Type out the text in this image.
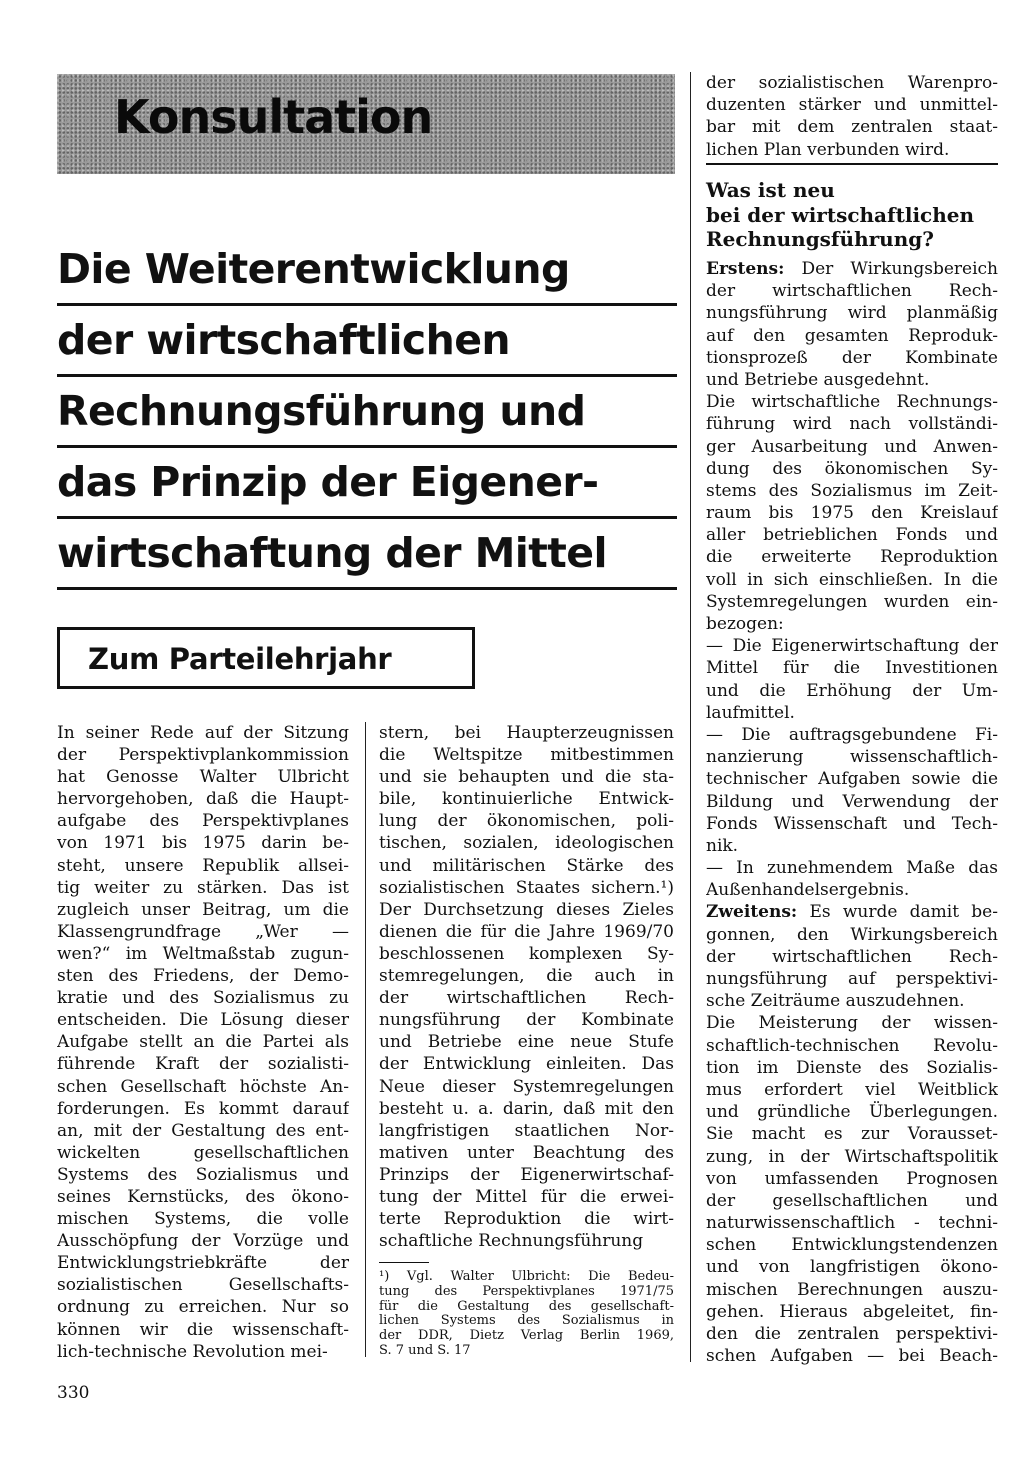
Konsultation
Die Weiterentwicklung
der wirtschaftlichen
Rechnungsführung und
das Prinzip der Eigener-
wirtschaftung der Mittel
Zum Parteilehrjahr
In seiner Rede auf der Sitzung
der Perspektivplankommission
hat Genosse Walter Ulbricht
hervorgehoben, daß die Haupt-
aufgabe des Perspektivplanes
von 1971 bis 1975 darin be-
steht, unsere Republik allsei-
tig weiter zu stärken. Das ist
zugleich unser Beitrag, um die
Klassengrundfrage „Wer —
wen?“ im Weltmaßstab zugun-
sten des Friedens, der Demo-
kratie und des Sozialismus zu
entscheiden. Die Lösung dieser
Aufgabe stellt an die Partei als
führende Kraft der sozialisti-
schen Gesellschaft höchste An-
forderungen. Es kommt darauf
an, mit der Gestaltung des ent-
wickelten gesellschaftlichen
Systems des Sozialismus und
seines Kernstücks, des ökono-
mischen Systems, die volle
Ausschöpfung der Vorzüge und
Entwicklungstriebkräfte der
sozialistischen Gesellschafts-
ordnung zu erreichen. Nur so
können wir die wissenschaft-
lich-technische Revolution mei-
stern, bei Haupterzeugnissen
die Weltspitze mitbestimmen
und sie behaupten und die sta-
bile, kontinuierliche Entwick-
lung der ökonomischen, poli-
tischen, sozialen, ideologischen
und militärischen Stärke des
sozialistischen Staates sichern.¹)
Der Durchsetzung dieses Zieles
dienen die für die Jahre 1969/70
beschlossenen komplexen Sy-
stemregelungen, die auch in
der wirtschaftlichen Rech-
nungsführung der Kombinate
und Betriebe eine neue Stufe
der Entwicklung einleiten. Das
Neue dieser Systemregelungen
besteht u. a. darin, daß mit den
langfristigen staatlichen Nor-
mativen unter Beachtung des
Prinzips der Eigenerwirtschaf-
tung der Mittel für die erwei-
terte Reproduktion die wirt-
schaftliche Rechnungsführung
¹) Vgl. Walter Ulbricht: Die Bedeu-
tung des Perspektivplanes 1971/75
für die Gestaltung des gesellschaft-
lichen Systems des Sozialismus in
der DDR, Dietz Verlag Berlin 1969,
S. 7 und S. 17
der sozialistischen Warenpro-
duzenten stärker und unmittel-
bar mit dem zentralen staat-
lichen Plan verbunden wird.
Was ist neu
bei der wirtschaftlichen
Rechnungsführung?
Erstens: Der Wirkungsbereich
der wirtschaftlichen Rech-
nungsführung wird planmäßig
auf den gesamten Reproduk-
tionsprozeß der Kombinate
und Betriebe ausgedehnt.
Die wirtschaftliche Rechnungs-
führung wird nach vollständi-
ger Ausarbeitung und Anwen-
dung des ökonomischen Sy-
stems des Sozialismus im Zeit-
raum bis 1975 den Kreislauf
aller betrieblichen Fonds und
die erweiterte Reproduktion
voll in sich einschließen. In die
Systemregelungen wurden ein-
bezogen:
— Die Eigenerwirtschaftung der
Mittel für die Investitionen
und die Erhöhung der Um-
laufmittel.
— Die auftragsgebundene Fi-
nanzierung wissenschaftlich-
technischer Aufgaben sowie die
Bildung und Verwendung der
Fonds Wissenschaft und Tech-
nik.
— In zunehmendem Maße das
Außenhandelsergebnis.
Zweitens: Es wurde damit be-
gonnen, den Wirkungsbereich
der wirtschaftlichen Rech-
nungsführung auf perspektivi-
sche Zeiträume auszudehnen.
Die Meisterung der wissen-
schaftlich-technischen Revolu-
tion im Dienste des Sozialis-
mus erfordert viel Weitblick
und gründliche Überlegungen.
Sie macht es zur Vorausset-
zung, in der Wirtschaftspolitik
von umfassenden Prognosen
der gesellschaftlichen und
naturwissenschaftlich - techni-
schen Entwicklungstendenzen
und von langfristigen ökono-
mischen Berechnungen auszu-
gehen. Hieraus abgeleitet, fin-
den die zentralen perspektivi-
schen Aufgaben — bei Beach-
330
